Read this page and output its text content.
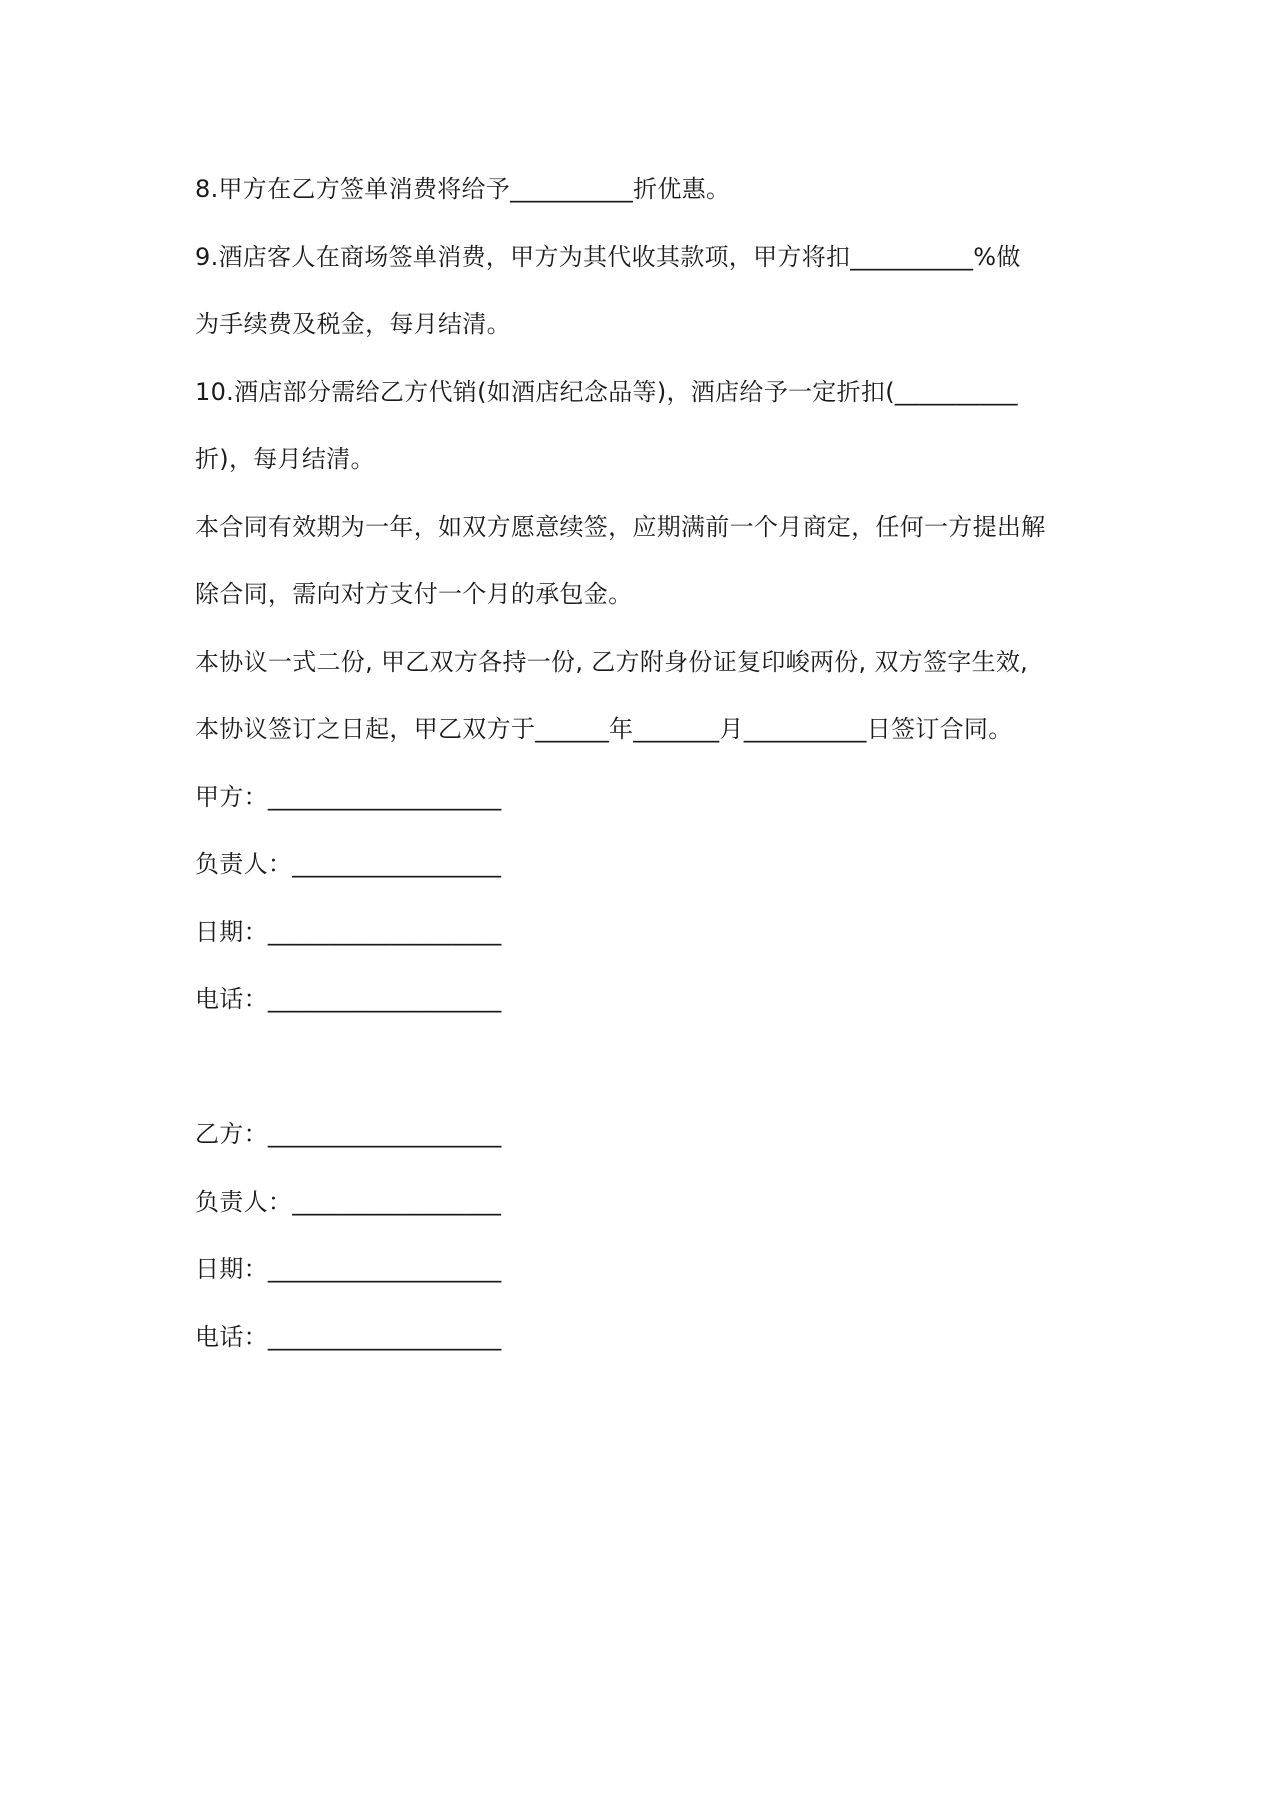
8.甲方在乙方签单消费将给予__________折优惠。
9.酒店客人在商场签单消费，甲方为其代收其款项，甲方将扣__________%做
为手续费及税金，每月结清。
10.酒店部分需给乙方代销(如酒店纪念品等)，酒店给予一定折扣(__________
折)，每月结清。
本合同有效期为一年，如双方愿意续签，应期满前一个月商定，任何一方提出解
除合同，需向对方支付一个月的承包金。
本协议一式二份, 甲乙双方各持一份, 乙方附身份证复印峻两份, 双方签字生效,
本协议签订之日起，甲乙双方于______年_______月__________日签订合同。
甲方：___________________
负责人：_________________
日期：___________________
电话：___________________
乙方：___________________
负责人：_________________
日期：___________________
电话：___________________
